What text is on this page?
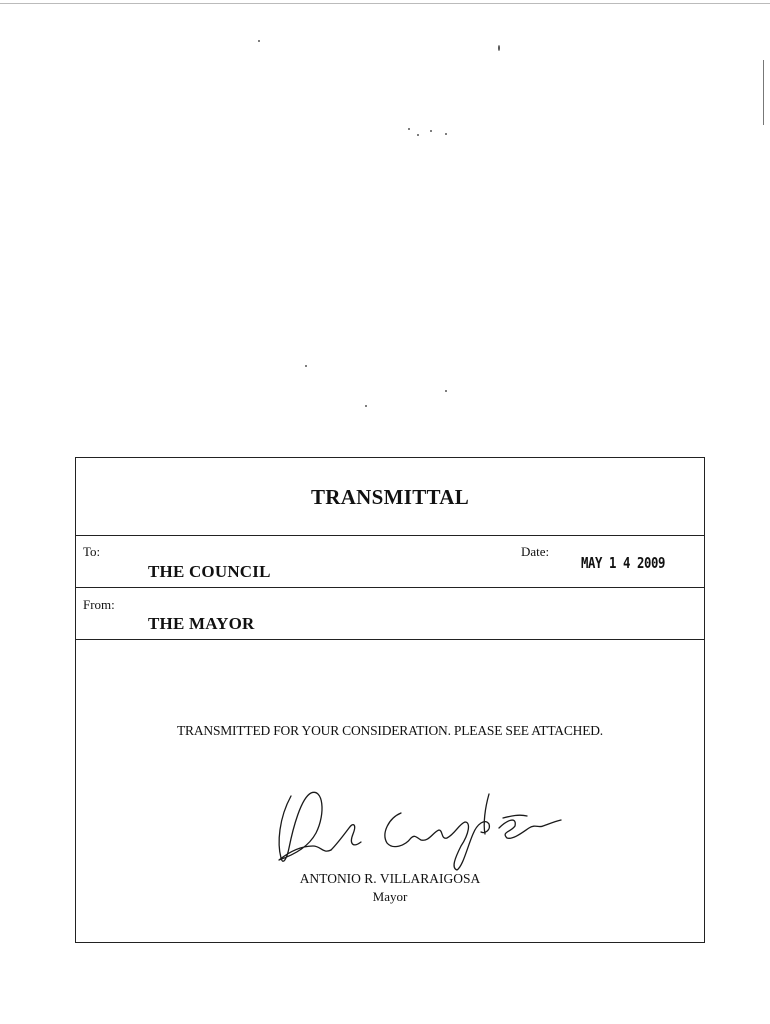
TRANSMITTAL
To:
THE COUNCIL
Date:
MAY 1 4 2009
From:
THE MAYOR
TRANSMITTED FOR YOUR CONSIDERATION. PLEASE SEE ATTACHED.
ANTONIO R. VILLARAIGOSA
Mayor
